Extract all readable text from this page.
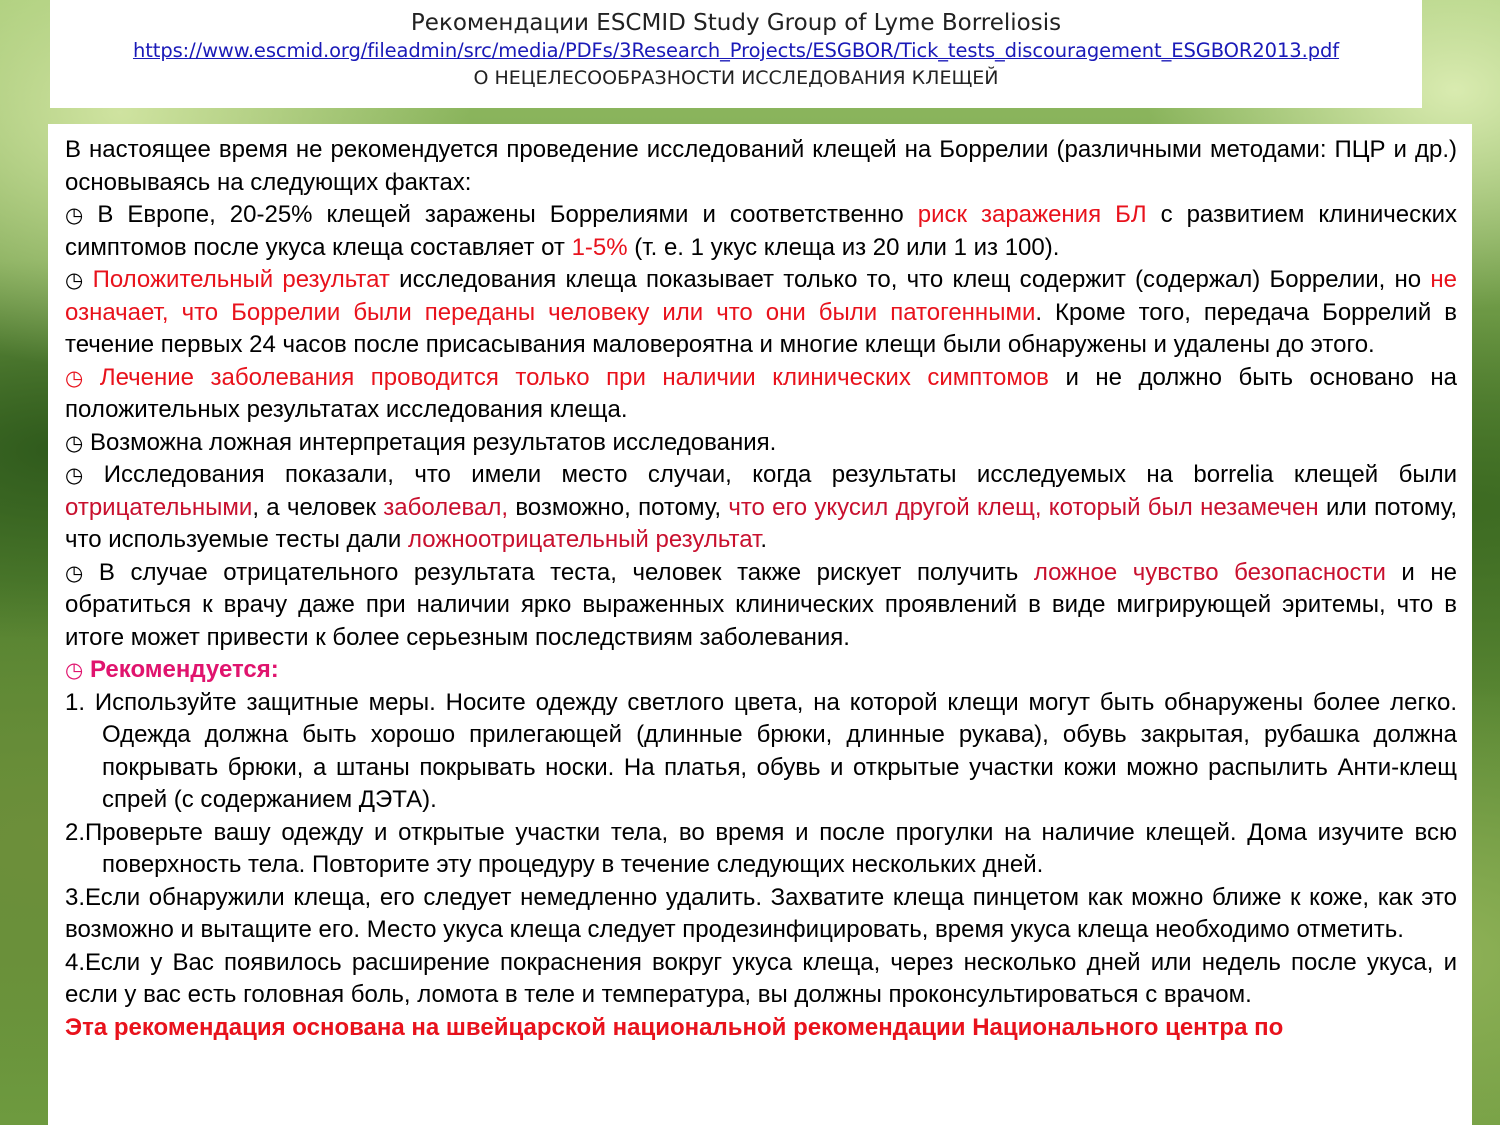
Рекомендации ESCMID Study Group of Lyme Borreliosis
https://www.escmid.org/fileadmin/src/media/PDFs/3Research_Projects/ESGBOR/Tick_tests_discouragement_ESGBOR2013.pdf
О НЕЦЕЛЕСООБРАЗНОСТИ ИССЛЕДОВАНИЯ КЛЕЩЕЙ

В настоящее время не рекомендуется проведение исследований клещей на Боррелии (различными методами: ПЦР и др.) основываясь на следующих фактах:

◷ В Европе, 20-25% клещей заражены Боррелиями и соответственно риск заражения БЛ с развитием клинических симптомов после укуса клеща составляет от 1-5% (т. е. 1 укус клеща из 20 или 1 из 100).

◷ Положительный результат исследования клеща показывает только то, что клещ содержит (содержал) Боррелии, но не означает, что Боррелии были переданы человеку или что они были патогенными. Кроме того, передача Боррелий в течение первых 24 часов после присасывания маловероятна и многие клещи были обнаружены и удалены до этого.

◷ Лечение заболевания проводится только при наличии клинических симптомов и не должно быть основано на положительных результатах исследования клеща.

◷ Возможна ложная интерпретация результатов исследования.

◷ Исследования показали, что имели место случаи, когда результаты исследуемых на borrelia клещей были отрицательными, а человек заболевал, возможно, потому, что его укусил другой клещ, который был незамечен или потому, что используемые тесты дали ложноотрицательный результат.

◷ В случае отрицательного результата теста, человек также рискует получить ложное чувство безопасности и не обратиться к врачу даже при наличии ярко выраженных клинических проявлений в виде мигрирующей эритемы, что в итоге может привести к более серьезным последствиям заболевания.

◷ Рекомендуется:

1. Используйте защитные меры. Носите одежду светлого цвета, на которой клещи могут быть обнаружены более легко. Одежда должна быть хорошо прилегающей (длинные брюки, длинные рукава), обувь закрытая, рубашка должна покрывать брюки, а штаны покрывать носки. На платья, обувь и открытые участки кожи можно распылить Анти-клещ спрей (с содержанием ДЭТА).

2.Проверьте вашу одежду и открытые участки тела, во время и после прогулки на наличие клещей. Дома изучите всю поверхность тела. Повторите эту процедуру в течение следующих нескольких дней.

3.Если обнаружили клеща, его следует немедленно удалить. Захватите клеща пинцетом как можно ближе к коже, как это возможно и вытащите его. Место укуса клеща следует продезинфицировать, время укуса клеща необходимо отметить.

4.Если у Вас появилось расширение покраснения вокруг укуса клеща, через несколько дней или недель после укуса, и если у вас есть головная боль, ломота в теле и температура, вы должны проконсультироваться с врачом.

Эта рекомендация основана на швейцарской национальной рекомендации Национального центра по
